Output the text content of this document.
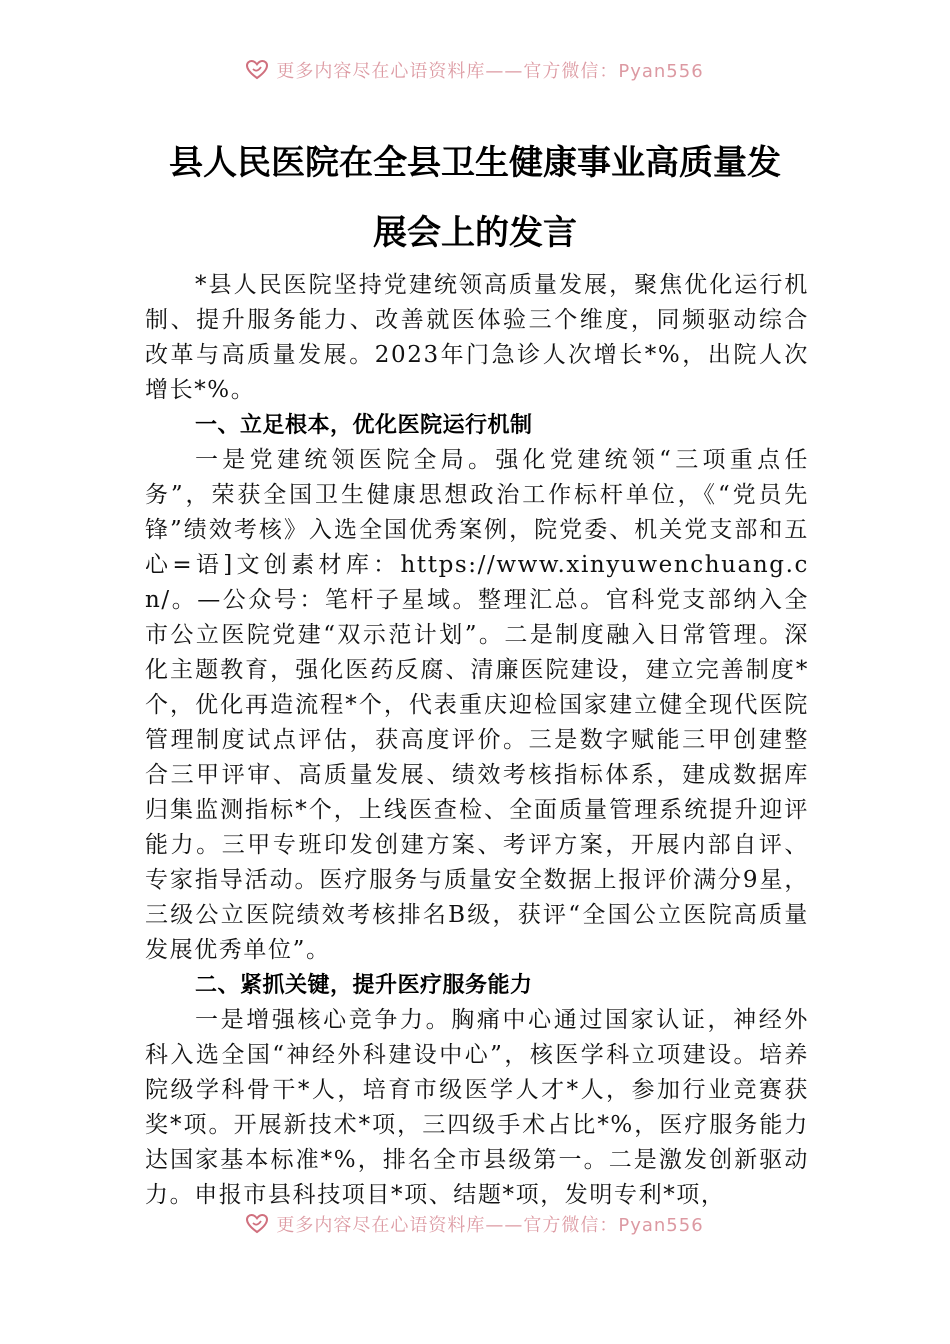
更多内容尽在心语资料库——官方微信：Pyan556
县人民医院在全县卫生健康事业高质量发
展会上的发言

*县人民医院坚持党建统领高质量发展，聚焦优化运行机制、提升服务能力、改善就医体验三个维度，同频驱动综合改革与高质量发展。2023年门急诊人次增长*%，出院人次增长*%。

一、立足根本，优化医院运行机制

一是党建统领医院全局。强化党建统领“三项重点任务”，荣获全国卫生健康思想政治工作标杆单位，《“党员先锋”绩效考核》入选全国优秀案例，院党委、机关党支部和五心=语]文创素材库：https://www.xinyuwenchuang.cn/。—公众号：笔杆子星域。整理汇总。官科党支部纳入全市公立医院党建“双示范计划”。二是制度融入日常管理。深化主题教育，强化医药反腐、清廉医院建设，建立完善制度*个，优化再造流程*个，代表重庆迎检国家建立健全现代医院管理制度试点评估，获高度评价。三是数字赋能三甲创建整合三甲评审、高质量发展、绩效考核指标体系，建成数据库归集监测指标*个，上线医查检、全面质量管理系统提升迎评能力。三甲专班印发创建方案、考评方案，开展内部自评、专家指导活动。医疗服务与质量安全数据上报评价满分9星，三级公立医院绩效考核排名B级，获评“全国公立医院高质量发展优秀单位”。

二、紧抓关键，提升医疗服务能力

一是增强核心竞争力。胸痛中心通过国家认证，神经外科入选全国“神经外科建设中心”，核医学科立项建设。培养院级学科骨干*人，培育市级医学人才*人，参加行业竞赛获奖*项。开展新技术*项，三四级手术占比*%，医疗服务能力达国家基本标准*%，排名全市县级第一。二是激发创新驱动力。申报市县科技项目*项、结题*项，发明专利*项，

更多内容尽在心语资料库——官方微信：Pyan556
